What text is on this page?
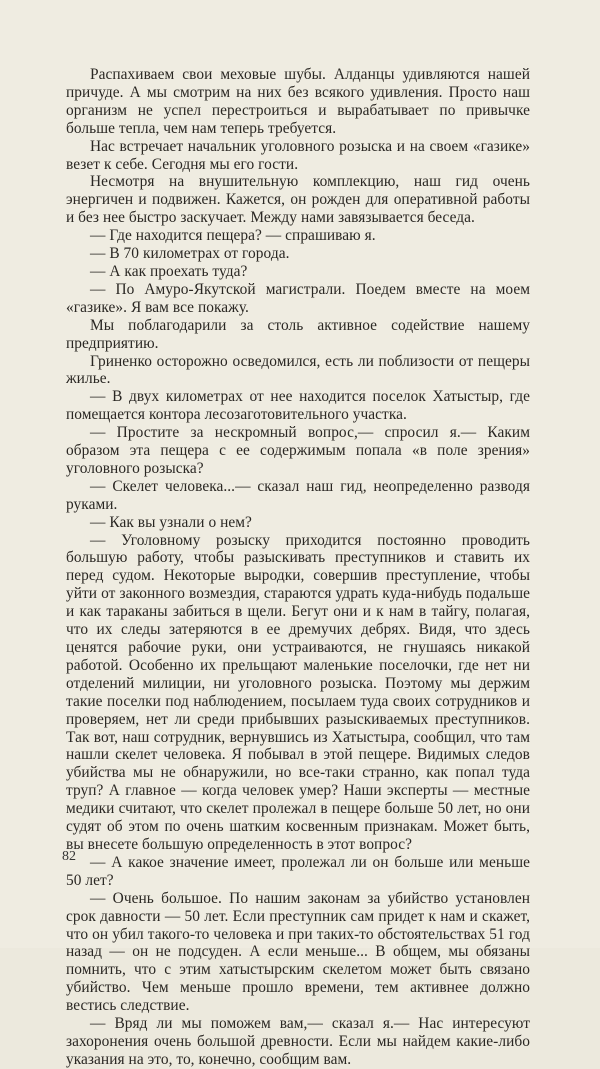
Распахиваем свои меховые шубы. Алданцы удивляются нашей причуде. А мы смотрим на них без всякого удивления. Просто наш организм не успел перестроиться и вырабатывает по привычке больше тепла, чем нам теперь требуется.

Нас встречает начальник уголовного розыска и на своем «газике» везет к себе. Сегодня мы его гости.

Несмотря на внушительную комплекцию, наш гид очень энергичен и подвижен. Кажется, он рожден для оперативной работы и без нее быстро заскучает. Между нами завязывается беседа.

— Где находится пещера? — спрашиваю я.

— В 70 километрах от города.

— А как проехать туда?

— По Амуро-Якутской магистрали. Поедем вместе на моем «газике». Я вам все покажу.

Мы поблагодарили за столь активное содействие нашему предприятию.

Гриненко осторожно осведомился, есть ли поблизости от пещеры жилье.

— В двух километрах от нее находится поселок Хатыстыр, где помещается контора лесозаготовительного участка.

— Простите за нескромный вопрос,— спросил я.— Каким образом эта пещера с ее содержимым попала «в поле зрения» уголовного розыска?

— Скелет человека...— сказал наш гид, неопределенно разводя руками.

— Как вы узнали о нем?

— Уголовному розыску приходится постоянно проводить большую работу, чтобы разыскивать преступников и ставить их перед судом. Некоторые выродки, совершив преступление, чтобы уйти от законного возмездия, стараются удрать куда-нибудь подальше и как тараканы забиться в щели. Бегут они и к нам в тайгу, полагая, что их следы затеряются в ее дремучих дебрях. Видя, что здесь ценятся рабочие руки, они устраиваются, не гнушаясь никакой работой. Особенно их прельщают маленькие поселочки, где нет ни отделений милиции, ни уголовного розыска. Поэтому мы держим такие поселки под наблюдением, посылаем туда своих сотрудников и проверяем, нет ли среди прибывших разыскиваемых преступников. Так вот, наш сотрудник, вернувшись из Хатыстыра, сообщил, что там нашли скелет человека. Я побывал в этой пещере. Видимых следов убийства мы не обнаружили, но все-таки странно, как попал туда труп? А главное — когда человек умер? Наши эксперты — местные медики считают, что скелет пролежал в пещере больше 50 лет, но они судят об этом по очень шатким косвенным признакам. Может быть, вы внесете большую определенность в этот вопрос?

— А какое значение имеет, пролежал ли он больше или меньше 50 лет?

— Очень большое. По нашим законам за убийство установлен срок давности — 50 лет. Если преступник сам придет к нам и скажет, что он убил такого-то человека и при таких-то обстоятельствах 51 год назад — он не подсуден. А если меньше... В общем, мы обязаны помнить, что с этим хатыстырским скелетом может быть связано убийство. Чем меньше прошло времени, тем активнее должно вестись следствие.

— Вряд ли мы поможем вам,— сказал я.— Нас интересуют захоронения очень большой древности. Если мы найдем какие-либо указания на это, то, конечно, сообщим вам.

82
